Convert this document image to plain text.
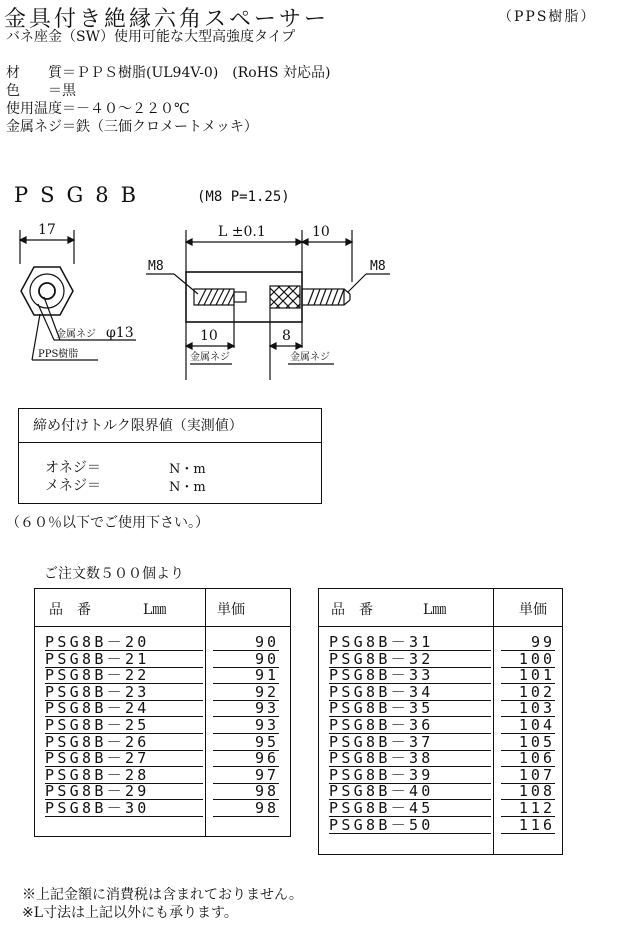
金具付き絶縁六角スペーサー	（PPS樹脂）
バネ座金（SW）使用可能な大型高強度タイプ
材　　質＝ＰＰＳ樹脂(UL94V-0)　(RoHS 対応品)
色　　＝黒
使用温度＝－４０～２２０℃
金属ネジ＝鉄（三価クロメートメッキ）
PSG8B	(M8 P=1.25)
17	L ±0.1	10
M8	M8
10	8
金属ネジ	金属ネジ
金属ネジ φ13
PPS樹脂
締め付けトルク限界値（実測値）
オネジ＝	N・m
メネジ＝	N・m
（６０％以下でご使用下さい。）
ご注文数５００個より
品　番	L㎜	単価
PSG8B－20	90
PSG8B－21	90
PSG8B－22	91
PSG8B－23	92
PSG8B－24	93
PSG8B－25	93
PSG8B－26	95
PSG8B－27	96
PSG8B－28	97
PSG8B－29	98
PSG8B－30	98
品　番	L㎜	単価
PSG8B－31	99
PSG8B－32	100
PSG8B－33	101
PSG8B－34	102
PSG8B－35	103
PSG8B－36	104
PSG8B－37	105
PSG8B－38	106
PSG8B－39	107
PSG8B－40	108
PSG8B－45	112
PSG8B－50	116
※上記金額に消費税は含まれておりません。
※L寸法は上記以外にも承ります。
